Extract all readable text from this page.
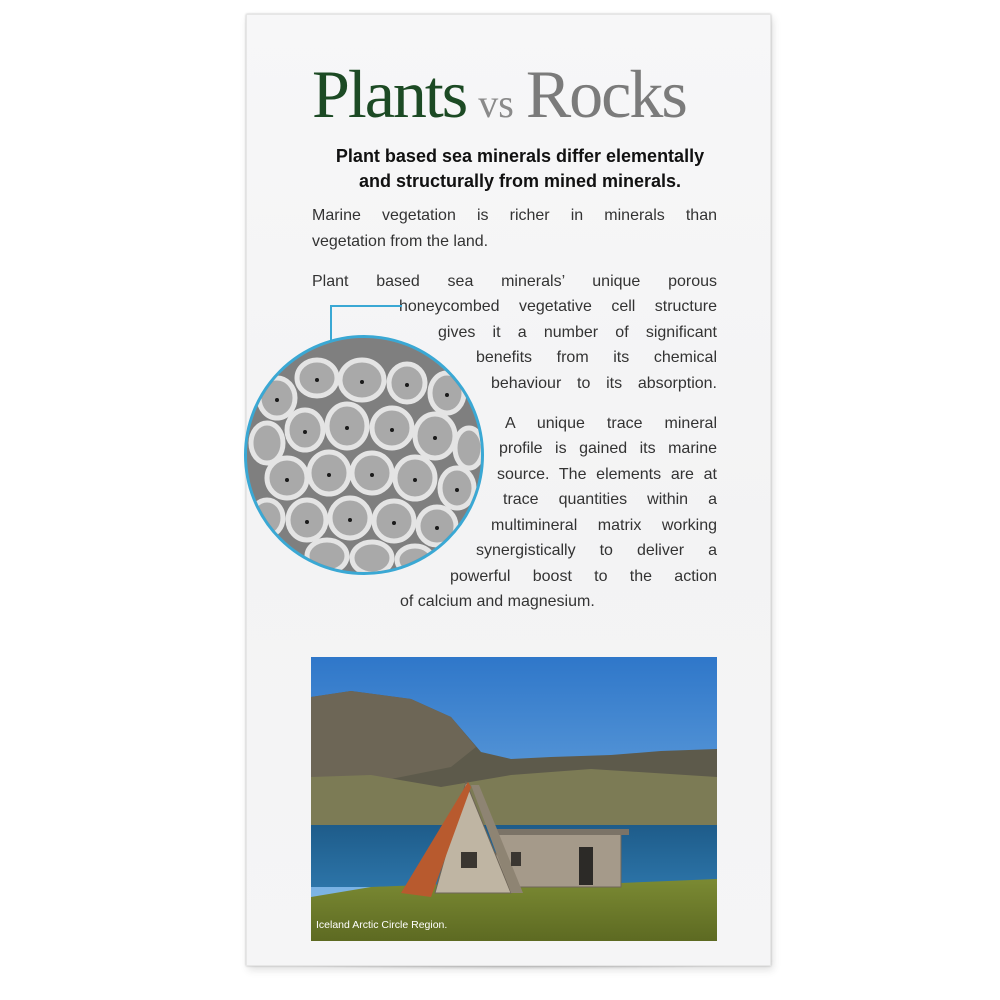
Plants vs Rocks
Plant based sea minerals differ elementally
and structurally from mined minerals.
Marine vegetation is richer in minerals than
vegetation from the land.
Plant based sea minerals’ unique porous
honeycombed vegetative cell structure
gives it a number of significant
benefits from its chemical
behaviour to its absorption.
A unique trace mineral
profile is gained its marine
source. The elements are at
trace quantities within a
multimineral matrix working
synergistically to deliver a
powerful boost to the action
of calcium and magnesium.
Iceland Arctic Circle Region.
